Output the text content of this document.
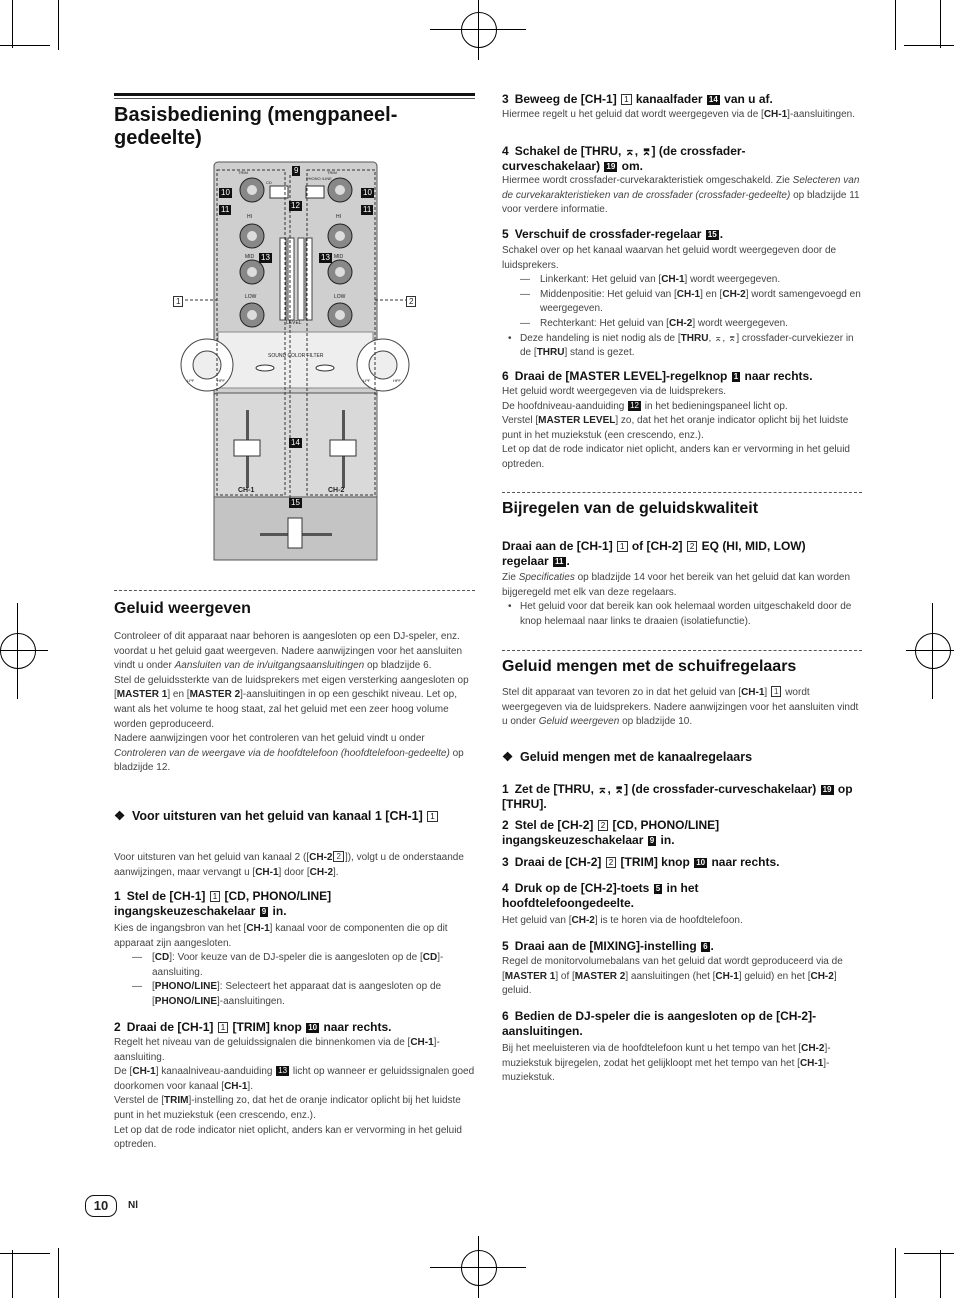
Basisbediening (mengpaneel-gedeelte)
TRIM	TRIM
CD
PHONO /LINE
HI	HI
MID	MID
LOW	LOW
LEVEL
SOUND COLOR FILTER
LPF	HPF	LPF	HPF
CH-1	CH-2
1	2
9
10	10
11	11
12
13	13
14
15
Geluid weergeven

Controleer of dit apparaat naar behoren is aangesloten op een DJ-speler, enz. voordat u het geluid gaat weergeven. Nadere aanwijzingen voor het aansluiten vindt u onder Aansluiten van de in/uitgangsaansluitingen op bladzijde 6.

Stel de geluidssterkte van de luidsprekers met eigen versterking aangesloten op [MASTER 1] en [MASTER 2]-aansluitingen in op een geschikt niveau. Let op, want als het volume te hoog staat, zal het geluid met een zeer hoog volume worden geproduceerd.

Nadere aanwijzingen voor het controleren van het geluid vindt u onder Controleren van de weergave via de hoofdtelefoon (hoofdtelefoon-gedeelte) op bladzijde 12.

❖ Voor uitsturen van het geluid van kanaal 1 [CH-1] 1

Voor uitsturen van het geluid van kanaal 2 ([CH-2 2 ]), volgt u de onderstaande aanwijzingen, maar vervangt u [CH-1] door [CH-2].

1 Stel de [CH-1] 1 [CD, PHONO/LINE] ingangskeuzeschakelaar 9 in.

Kies de ingangsbron van het [CH-1] kanaal voor de componenten die op dit apparaat zijn aangesloten.

— [CD]: Voor keuze van de DJ-speler die is aangesloten op de [CD]-aansluiting.

— [PHONO/LINE]: Selecteert het apparaat dat is aangesloten op de [PHONO/LINE]-aansluitingen.

2 Draai de [CH-1] 1 [TRIM] knop 10 naar rechts.

Regelt het niveau van de geluidssignalen die binnenkomen via de [CH-1]-aansluiting.

De [CH-1] kanaalniveau-aanduiding 13 licht op wanneer er geluidssignalen goed doorkomen voor kanaal [CH-1].

Verstel de [TRIM]-instelling zo, dat het de oranje indicator oplicht bij het luidste punt in het muziekstuk (een crescendo, enz.).

Let op dat de rode indicator niet oplicht, anders kan er vervorming in het geluid optreden.

10	Nl
3 Beweeg de [CH-1] 1 kanaalfader 14 van u af.

Hiermee regelt u het geluid dat wordt weergegeven via de [CH-1]-aansluitingen.

4 Schakel de [THRU, ⌅, ⌆] (de crossfader-curveschakelaar) 19 om.

Hiermee wordt crossfader-curvekarakteristiek omgeschakeld. Zie Selecteren van de curvekarakteristieken van de crossfader (crossfader-gedeelte) op bladzijde 11 voor verdere informatie.

5 Verschuif de crossfader-regelaar 15 .

Schakel over op het kanaal waarvan het geluid wordt weergegeven door de luidsprekers.

— Linkerkant: Het geluid van [CH-1] wordt weergegeven.

— Middenpositie: Het geluid van [CH-1] en [CH-2] wordt samengevoegd en weergegeven.

— Rechterkant: Het geluid van [CH-2] wordt weergegeven.

• Deze handeling is niet nodig als de [THRU, ⌅, ⌆] crossfader-curvekiezer in de [THRU] stand is gezet.

6 Draai de [MASTER LEVEL]-regelknop 1 naar rechts.

Het geluid wordt weergegeven via de luidsprekers.

De hoofdniveau-aanduiding 12 in het bedieningspaneel licht op.

Verstel [MASTER LEVEL] zo, dat het het oranje indicator oplicht bij het luidste punt in het muziekstuk (een crescendo, enz.).

Let op dat de rode indicator niet oplicht, anders kan er vervorming in het geluid optreden.

Bijregelen van de geluidskwaliteit
Draai aan de [CH-1] 1 of [CH-2] 2 EQ (HI, MID, LOW) regelaar 11 .

Zie Specificaties op bladzijde 14 voor het bereik van het geluid dat kan worden bijgeregeld met elk van deze regelaars.

• Het geluid voor dat bereik kan ook helemaal worden uitgeschakeld door de knop helemaal naar links te draaien (isolatiefunctie).

Geluid mengen met de schuifregelaars

Stel dit apparaat van tevoren zo in dat het geluid van [CH-1] 1 wordt weergegeven via de luidsprekers. Nadere aanwijzingen voor het aansluiten vindt u onder Geluid weergeven op bladzijde 10.

❖ Geluid mengen met de kanaalregelaars
1 Zet de [THRU, ⌅, ⌆] (de crossfader-curveschakelaar) 19 op [THRU].
2 Stel de [CH-2] 2 [CD, PHONO/LINE] ingangskeuzeschakelaar 9 in.
3 Draai de [CH-2] 2 [TRIM] knop 10 naar rechts.
4 Druk op de [CH-2]-toets 5 in het hoofdtelefoongedeelte.

Het geluid van [CH-2] is te horen via de hoofdtelefoon.

5 Draai aan de [MIXING]-instelling 6 .

Regel de monitorvolumebalans van het geluid dat wordt geproduceerd via de [MASTER 1] of [MASTER 2] aansluitingen (het [CH-1] geluid) en het [CH-2] geluid.

6 Bedien de DJ-speler die is aangesloten op de [CH-2]-aansluitingen.

Bij het meeluisteren via de hoofdtelefoon kunt u het tempo van het [CH-2]-muziekstuk bijregelen, zodat het gelijkloopt met het tempo van het [CH-1]-muziekstuk.
